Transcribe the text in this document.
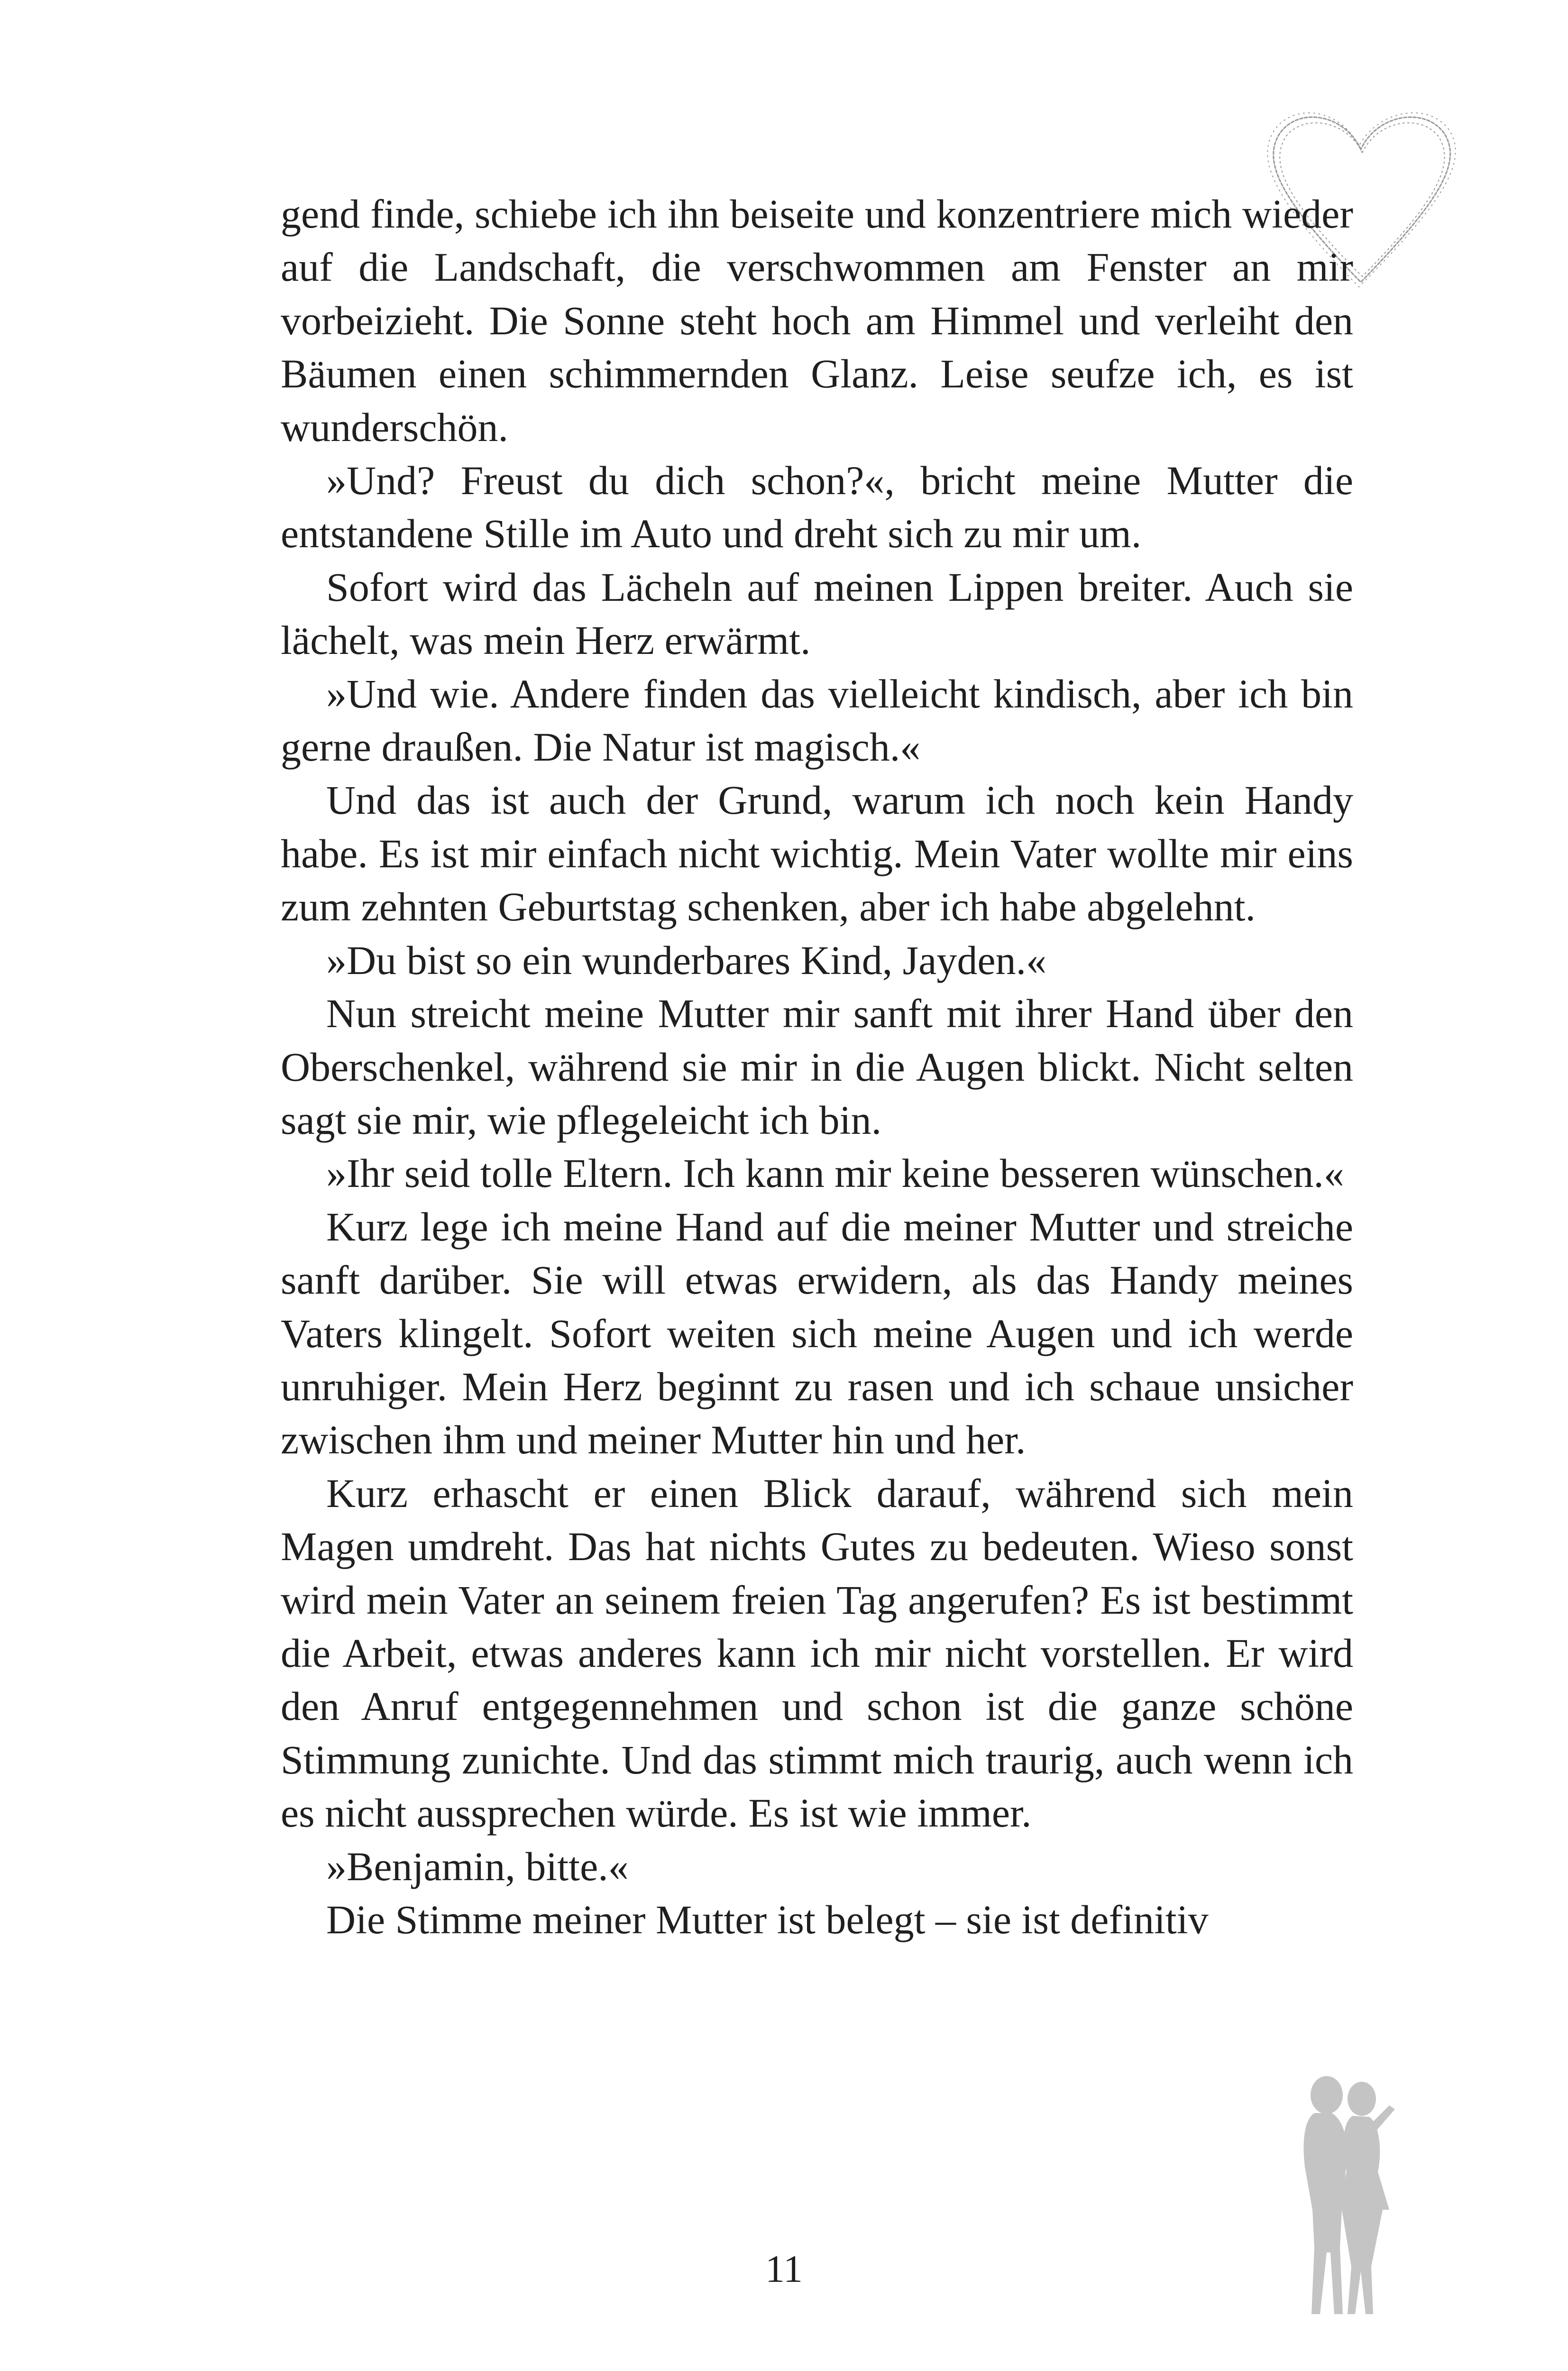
gend finde, schiebe ich ihn beiseite und konzentriere mich wieder auf die Landschaft, die verschwommen am Fenster an mir vorbeizieht. Die Sonne steht hoch am Himmel und verleiht den Bäumen einen schimmernden Glanz. Leise seufze ich, es ist wunderschön.

»Und? Freust du dich schon?«, bricht meine Mutter die entstandene Stille im Auto und dreht sich zu mir um.

Sofort wird das Lächeln auf meinen Lippen breiter. Auch sie lächelt, was mein Herz erwärmt.

»Und wie. Andere finden das vielleicht kindisch, aber ich bin gerne draußen. Die Natur ist magisch.«

Und das ist auch der Grund, warum ich noch kein Handy habe. Es ist mir einfach nicht wichtig. Mein Vater wollte mir eins zum zehnten Geburtstag schenken, aber ich habe abgelehnt.

»Du bist so ein wunderbares Kind, Jayden.«

Nun streicht meine Mutter mir sanft mit ihrer Hand über den Oberschenkel, während sie mir in die Augen blickt. Nicht selten sagt sie mir, wie pflegeleicht ich bin.

»Ihr seid tolle Eltern. Ich kann mir keine besseren wünschen.«

Kurz lege ich meine Hand auf die meiner Mutter und streiche sanft darüber. Sie will etwas erwidern, als das Handy meines Vaters klingelt. Sofort weiten sich meine Augen und ich werde unruhiger. Mein Herz beginnt zu rasen und ich schaue unsicher zwischen ihm und meiner Mutter hin und her.

Kurz erhascht er einen Blick darauf, während sich mein Magen umdreht. Das hat nichts Gutes zu bedeuten. Wieso sonst wird mein Vater an seinem freien Tag angerufen? Es ist bestimmt die Arbeit, etwas anderes kann ich mir nicht vorstellen. Er wird den Anruf entgegennehmen und schon ist die ganze schöne Stimmung zunichte. Und das stimmt mich traurig, auch wenn ich es nicht aussprechen würde. Es ist wie immer.

»Benjamin, bitte.«

Die Stimme meiner Mutter ist belegt – sie ist definitiv

11
